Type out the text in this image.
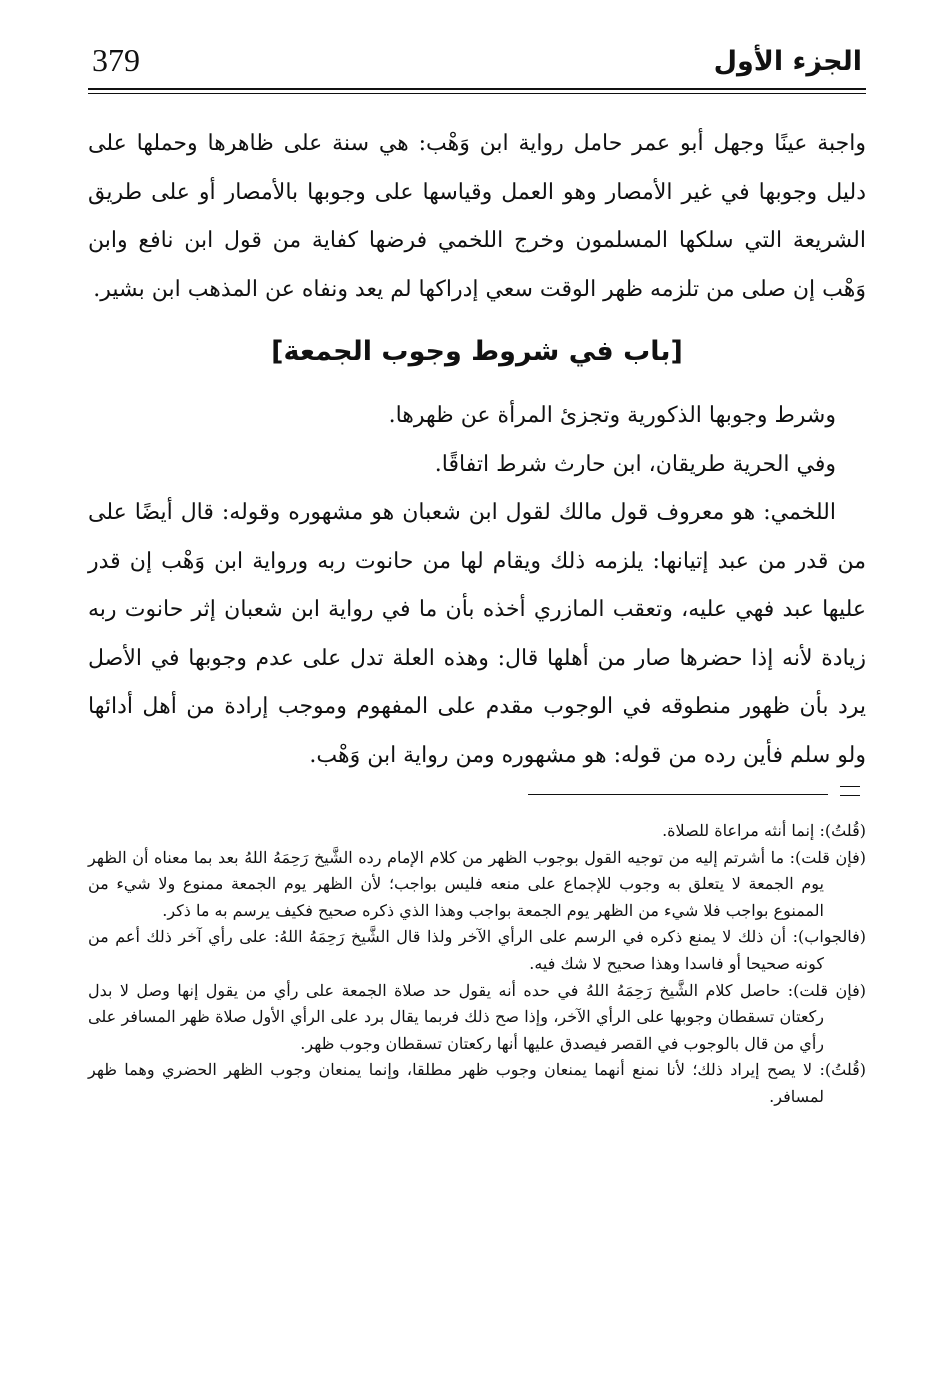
الجزء الأول
379

واجبة عينًا وجهل أبو عمر حامل رواية ابن وَهْب: هي سنة على ظاهرها وحملها على دليل وجوبها في غير الأمصار وهو العمل وقياسها على وجوبها بالأمصار أو على طريق الشريعة التي سلكها المسلمون وخرج اللخمي فرضها كفاية من قول ابن نافع وابن وَهْب إن صلى من تلزمه ظهر الوقت سعي إدراكها لم يعد ونفاه عن المذهب ابن بشير.

[باب في شروط وجوب الجمعة]

وشرط وجوبها الذكورية وتجزئ المرأة عن ظهرها.

وفي الحرية طريقان، ابن حارث شرط اتفاقًا.

اللخمي: هو معروف قول مالك لقول ابن شعبان هو مشهوره وقوله: قال أيضًا على من قدر من عبد إتيانها: يلزمه ذلك ويقام لها من حانوت ربه ورواية ابن وَهْب إن قدر عليها عبد فهي عليه، وتعقب المازري أخذه بأن ما في رواية ابن شعبان إثر حانوت ربه زيادة لأنه إذا حضرها صار من أهلها قال: وهذه العلة تدل على عدم وجوبها في الأصل يرد بأن ظهور منطوقه في الوجوب مقدم على المفهوم وموجب إرادة من أهل أدائها ولو سلم فأين رده من قوله: هو مشهوره ومن رواية ابن وَهْب.

(قُلتُ): إنما أنثه مراعاة للصلاة.

(فإن قلت): ما أشرتم إليه من توجيه القول بوجوب الظهر من كلام الإمام رده الشَّيخ رَحِمَهُ اللهُ بعد بما معناه أن الظهر يوم الجمعة لا يتعلق به وجوب للإجماع على منعه فليس بواجب؛ لأن الظهر يوم الجمعة ممنوع ولا شيء من الممنوع بواجب فلا شيء من الظهر يوم الجمعة بواجب وهذا الذي ذكره صحيح فكيف يرسم به ما ذكر.

(فالجواب): أن ذلك لا يمنع ذكره في الرسم على الرأي الآخر ولذا قال الشَّيخ رَحِمَهُ اللهُ: على رأي آخر ذلك أعم من كونه صحيحا أو فاسدا وهذا صحيح لا شك فيه.

(فإن قلت): حاصل كلام الشَّيخ رَحِمَهُ اللهُ في حده أنه يقول حد صلاة الجمعة على رأي من يقول إنها وصل لا بدل ركعتان تسقطان وجوبها على الرأي الآخر، وإذا صح ذلك فربما يقال برد على الرأي الأول صلاة ظهر المسافر على رأي من قال بالوجوب في القصر فيصدق عليها أنها ركعتان تسقطان وجوب ظهر.

(قُلتُ): لا يصح إيراد ذلك؛ لأنا نمنع أنهما يمنعان وجوب ظهر مطلقا، وإنما يمنعان وجوب الظهر الحضري وهما ظهر لمسافر.
